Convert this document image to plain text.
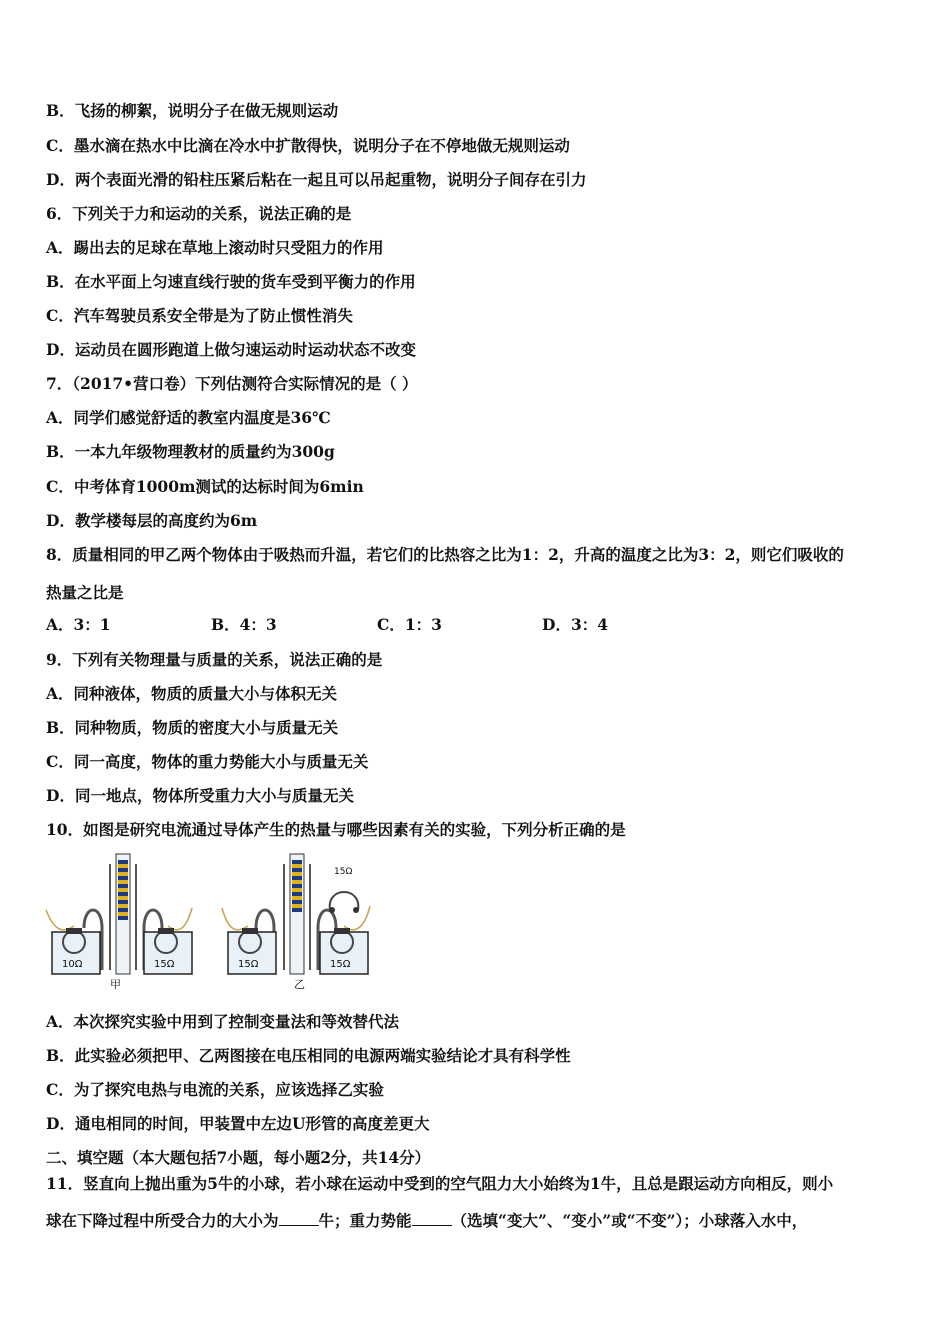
B．飞扬的柳絮，说明分子在做无规则运动
C．墨水滴在热水中比滴在冷水中扩散得快，说明分子在不停地做无规则运动
D．两个表面光滑的铅柱压紧后粘在一起且可以吊起重物，说明分子间存在引力
6．下列关于力和运动的关系，说法正确的是
A．踢出去的足球在草地上滚动时只受阻力的作用
B．在水平面上匀速直线行驶的货车受到平衡力的作用
C．汽车驾驶员系安全带是为了防止惯性消失
D．运动员在圆形跑道上做匀速运动时运动状态不改变
7．（2017•营口卷）下列估测符合实际情况的是（ ）
A．同学们感觉舒适的教室内温度是36℃
B．一本九年级物理教材的质量约为300g
C．中考体育1000m测试的达标时间为6min
D．教学楼每层的高度约为6m
8．质量相同的甲乙两个物体由于吸热而升温，若它们的比热容之比为1：2，升高的温度之比为3：2，则它们吸收的
热量之比是
A．3：1	B．4：3	C．1：3	D．3：4
9．下列有关物理量与质量的关系，说法正确的是
A．同种液体，物质的质量大小与体积无关
B．同种物质，物质的密度大小与质量无关
C．同一高度，物体的重力势能大小与质量无关
D．同一地点，物体所受重力大小与质量无关
10．如图是研究电流通过导体产生的热量与哪些因素有关的实验，下列分析正确的是
10Ω	15Ω
甲
15Ω
15Ω	15Ω
乙
A．本次探究实验中用到了控制变量法和等效替代法
B．此实验必须把甲、乙两图接在电压相同的电源两端实验结论才具有科学性
C．为了探究电热与电流的关系，应该选择乙实验
D．通电相同的时间，甲装置中左边U形管的高度差更大
二、填空题（本大题包括7小题，每小题2分，共14分）
11．竖直向上抛出重为5牛的小球，若小球在运动中受到的空气阻力大小始终为1牛，且总是跟运动方向相反，则小
球在下降过程中所受合力的大小为	牛；重力势能	（选填“变大”、“变小”或“不变”）；小球落入水中，
